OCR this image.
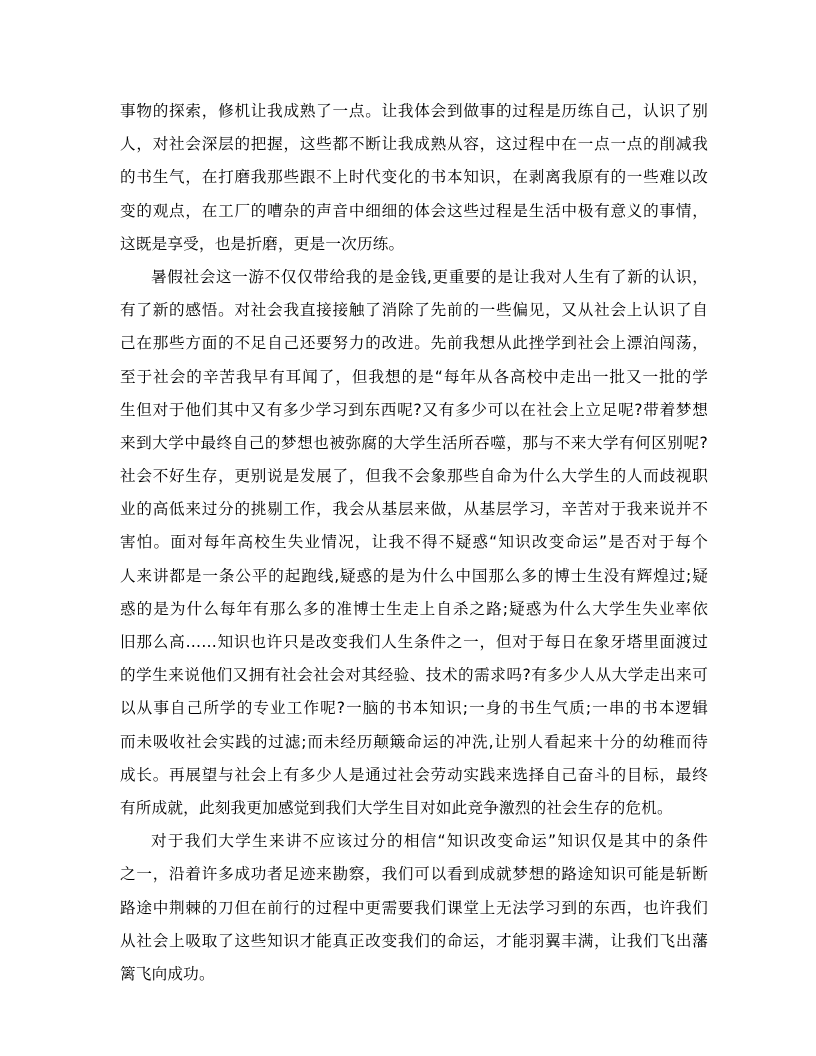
事物的探索，修机让我成熟了一点。让我体会到做事的过程是历练自己，认识了别
人，对社会深层的把握，这些都不断让我成熟从容，这过程中在一点一点的削减我
的书生气，在打磨我那些跟不上时代变化的书本知识，在剥离我原有的一些难以改
变的观点，在工厂的嘈杂的声音中细细的体会这些过程是生活中极有意义的事情，
这既是享受，也是折磨，更是一次历练。
暑假社会这一游不仅仅带给我的是金钱,更重要的是让我对人生有了新的认识，
有了新的感悟。对社会我直接接触了消除了先前的一些偏见，又从社会上认识了自
己在那些方面的不足自己还要努力的改进。先前我想从此挫学到社会上漂泊闯荡，
至于社会的辛苦我早有耳闻了，但我想的是“每年从各高校中走出一批又一批的学
生但对于他们其中又有多少学习到东西呢?又有多少可以在社会上立足呢?带着梦想
来到大学中最终自己的梦想也被弥腐的大学生活所吞噬，那与不来大学有何区别呢?
社会不好生存，更别说是发展了，但我不会象那些自命为什么大学生的人而歧视职
业的高低来过分的挑剔工作，我会从基层来做，从基层学习，辛苦对于我来说并不
害怕。面对每年高校生失业情况，让我不得不疑惑“知识改变命运”是否对于每个
人来讲都是一条公平的起跑线,疑惑的是为什么中国那么多的博士生没有辉煌过;疑
惑的是为什么每年有那么多的准博士生走上自杀之路;疑惑为什么大学生失业率依
旧那么高……知识也许只是改变我们人生条件之一，但对于每日在象牙塔里面渡过
的学生来说他们又拥有社会社会对其经验、技术的需求吗?有多少人从大学走出来可
以从事自己所学的专业工作呢?一脑的书本知识;一身的书生气质;一串的书本逻辑
而未吸收社会实践的过滤;而未经历颠簸命运的冲洗,让别人看起来十分的幼稚而待
成长。再展望与社会上有多少人是通过社会劳动实践来选择自己奋斗的目标，最终
有所成就，此刻我更加感觉到我们大学生目对如此竞争激烈的社会生存的危机。
对于我们大学生来讲不应该过分的相信“知识改变命运”知识仅是其中的条件
之一，沿着许多成功者足迹来勘察，我们可以看到成就梦想的路途知识可能是斩断
路途中荆棘的刀但在前行的过程中更需要我们课堂上无法学习到的东西，也许我们
从社会上吸取了这些知识才能真正改变我们的命运，才能羽翼丰满，让我们飞出藩
篱飞向成功。
